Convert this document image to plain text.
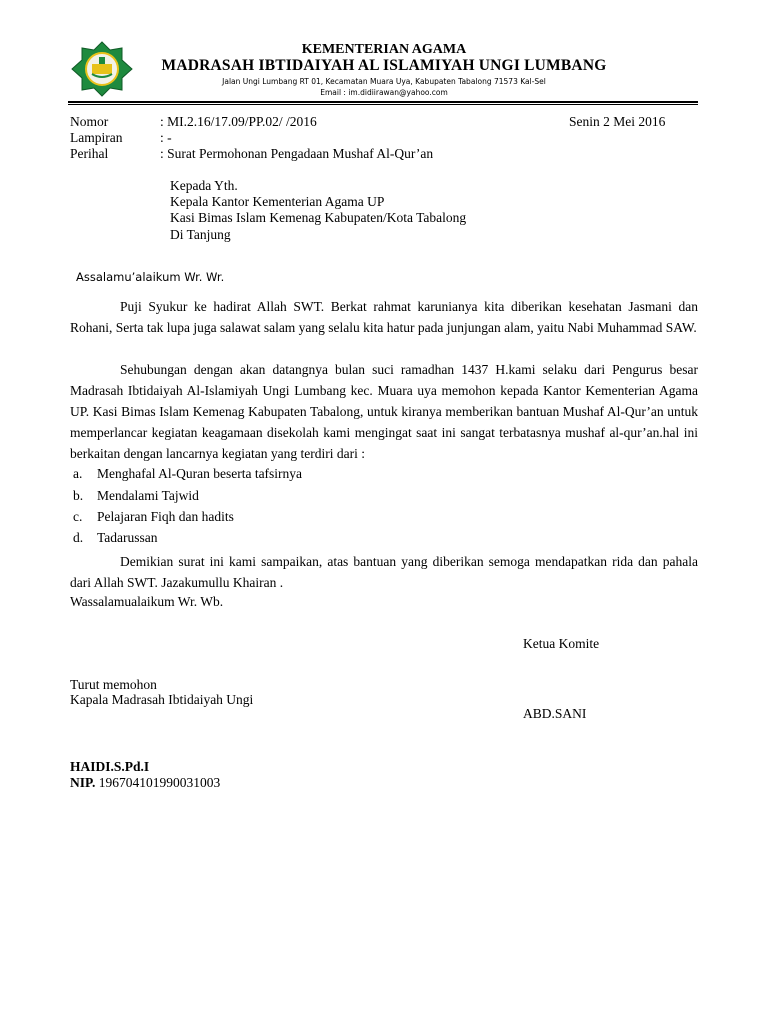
KEMENTERIAN AGAMA
MADRASAH IBTIDAIYAH AL ISLAMIYAH UNGI LUMBANG
Jalan Ungi Lumbang RT 01, Kecamatan Muara Uya, Kabupaten Tabalong 71573 Kal-Sel
Email : im.didiirawan@yahoo.com
Nomor	: MI.2.16/17.09/PP.02/ /2016	Senin 2 Mei 2016
Lampiran	: -
Perihal	: Surat Permohonan Pengadaan Mushaf Al-Qur’an
Kepada Yth.
Kepala Kantor Kementerian Agama UP
Kasi Bimas Islam Kemenag Kabupaten/Kota Tabalong
Di Tanjung
Assalamu’alaikum Wr. Wr.
Puji Syukur ke hadirat Allah SWT. Berkat rahmat karunianya kita diberikan kesehatan Jasmani dan Rohani, Serta tak lupa juga salawat salam yang selalu kita hatur pada junjungan alam, yaitu Nabi Muhammad SAW.
Sehubungan dengan akan datangnya bulan suci ramadhan 1437 H.kami selaku dari Pengurus besar Madrasah Ibtidaiyah Al-Islamiyah Ungi Lumbang kec. Muara uya memohon kepada Kantor Kementerian Agama UP. Kasi Bimas Islam Kemenag Kabupaten Tabalong, untuk kiranya memberikan bantuan Mushaf Al-Qur’an untuk memperlancar kegiatan keagamaan disekolah kami mengingat saat ini sangat terbatasnya mushaf al-qur’an.hal ini berkaitan dengan lancarnya kegiatan yang terdiri dari :
a. Menghafal Al-Quran beserta tafsirnya
b. Mendalami Tajwid
c. Pelajaran Fiqh dan hadits
d. Tadarussan
Demikian surat ini kami sampaikan, atas bantuan yang diberikan semoga mendapatkan rida dan pahala dari Allah SWT. Jazakumullu Khairan .
Wassalamualaikum Wr. Wb.
Ketua Komite
Turut memohon
Kapala Madrasah Ibtidaiyah Ungi
ABD.SANI
HAIDI.S.Pd.I
NIP. 196704101990031003
